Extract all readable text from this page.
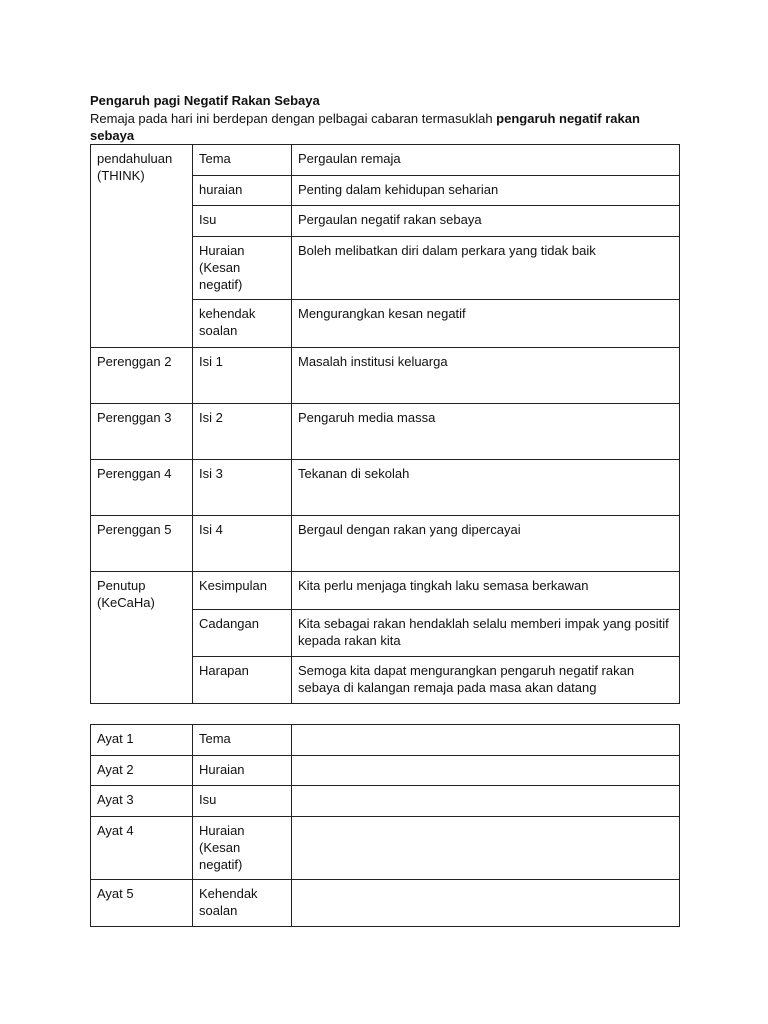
Pengaruh pagi Negatif Rakan Sebaya
Remaja pada hari ini berdepan dengan pelbagai cabaran termasuklah pengaruh negatif rakan sebaya
pendahuluan
(THINK)	Tema	Pergaulan remaja
	huraian	Penting dalam kehidupan seharian
	Isu	Pergaulan negatif rakan sebaya
	Huraian
(Kesan
negatif)	Boleh melibatkan diri dalam perkara yang tidak baik
	kehendak
soalan	Mengurangkan kesan negatif
Perenggan 2	Isi 1	Masalah institusi keluarga
Perenggan 3	Isi 2	Pengaruh media massa
Perenggan 4	Isi 3	Tekanan di sekolah
Perenggan 5	Isi 4	Bergaul dengan rakan yang dipercayai
Penutup
(KeCaHa)	Kesimpulan	Kita perlu menjaga tingkah laku semasa berkawan
	Cadangan	Kita sebagai rakan hendaklah selalu memberi impak yang positif kepada rakan kita
	Harapan	Semoga kita dapat mengurangkan pengaruh negatif rakan sebaya di kalangan remaja pada masa akan datang
Ayat 1	Tema	
Ayat 2	Huraian	
Ayat 3	Isu	
Ayat 4	Huraian
(Kesan
negatif)	
Ayat 5	Kehendak
soalan	
